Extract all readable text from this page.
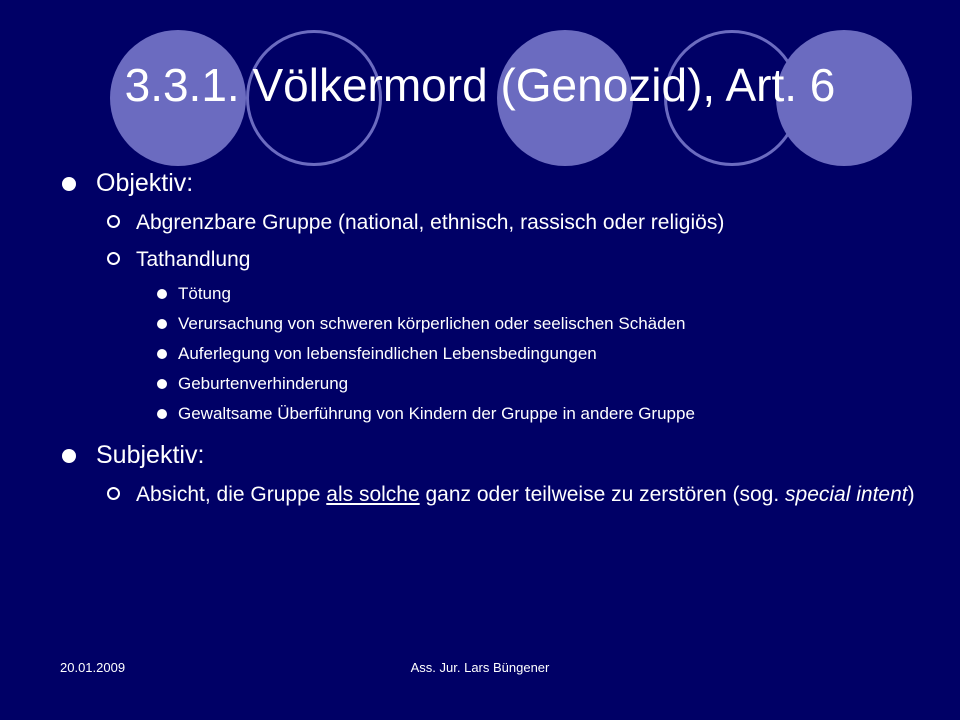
3.3.1. Völkermord (Genozid), Art. 6
Objektiv:
Abgrenzbare Gruppe (national, ethnisch, rassisch oder religiös)
Tathandlung
Tötung
Verursachung von schweren körperlichen oder seelischen Schäden
Auferlegung von lebensfeindlichen Lebensbedingungen
Geburtenverhinderung
Gewaltsame Überführung von Kindern der Gruppe in andere Gruppe
Subjektiv:
Absicht, die Gruppe als solche ganz oder teilweise zu zerstören (sog. special intent)
20.01.2009	Ass. Jur. Lars Büngener
